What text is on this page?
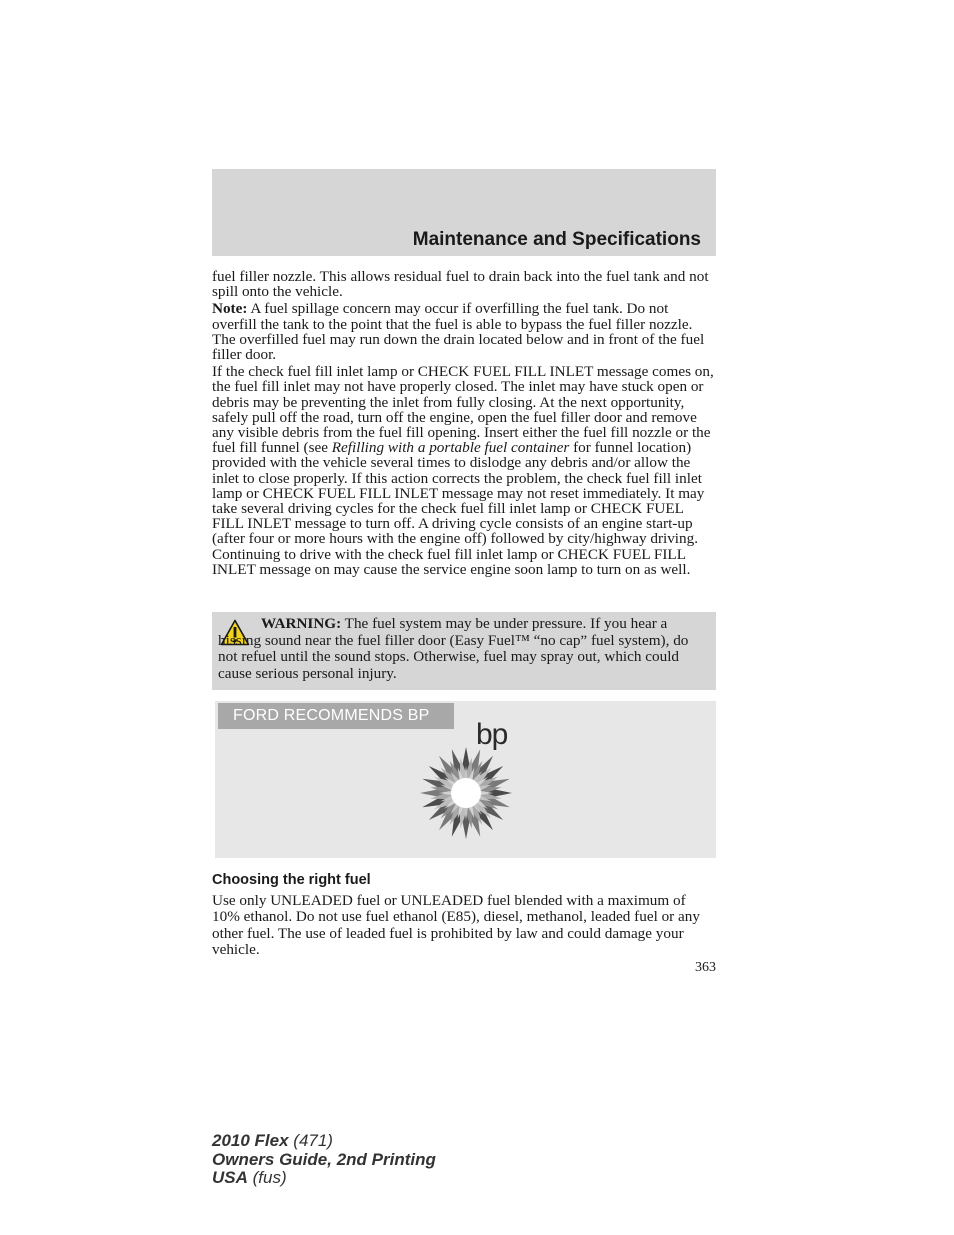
Maintenance and Specifications

fuel filler nozzle. This allows residual fuel to drain back into the fuel tank and not spill onto the vehicle.

Note: A fuel spillage concern may occur if overfilling the fuel tank. Do not overfill the tank to the point that the fuel is able to bypass the fuel filler nozzle. The overfilled fuel may run down the drain located below and in front of the fuel filler door.

If the check fuel fill inlet lamp or CHECK FUEL FILL INLET message comes on, the fuel fill inlet may not have properly closed. The inlet may have stuck open or debris may be preventing the inlet from fully closing. At the next opportunity, safely pull off the road, turn off the engine, open the fuel filler door and remove any visible debris from the fuel fill opening. Insert either the fuel fill nozzle or the fuel fill funnel (see Refilling with a portable fuel container for funnel location) provided with the vehicle several times to dislodge any debris and/or allow the inlet to close properly. If this action corrects the problem, the check fuel fill inlet lamp or CHECK FUEL FILL INLET message may not reset immediately. It may take several driving cycles for the check fuel fill inlet lamp or CHECK FUEL FILL INLET message to turn off. A driving cycle consists of an engine start-up (after four or more hours with the engine off) followed by city/highway driving. Continuing to drive with the check fuel fill inlet lamp or CHECK FUEL FILL INLET message on may cause the service engine soon lamp to turn on as well.

WARNING: The fuel system may be under pressure. If you hear a hissing sound near the fuel filler door (Easy Fuel™ “no cap” fuel system), do not refuel until the sound stops. Otherwise, fuel may spray out, which could cause serious personal injury.
FORD RECOMMENDS BP
bp
Choosing the right fuel
Use only UNLEADED fuel or UNLEADED fuel blended with a maximum of 10% ethanol. Do not use fuel ethanol (E85), diesel, methanol, leaded fuel or any other fuel. The use of leaded fuel is prohibited by law and could damage your vehicle.
363
2010 Flex (471)
Owners Guide, 2nd Printing
USA (fus)
